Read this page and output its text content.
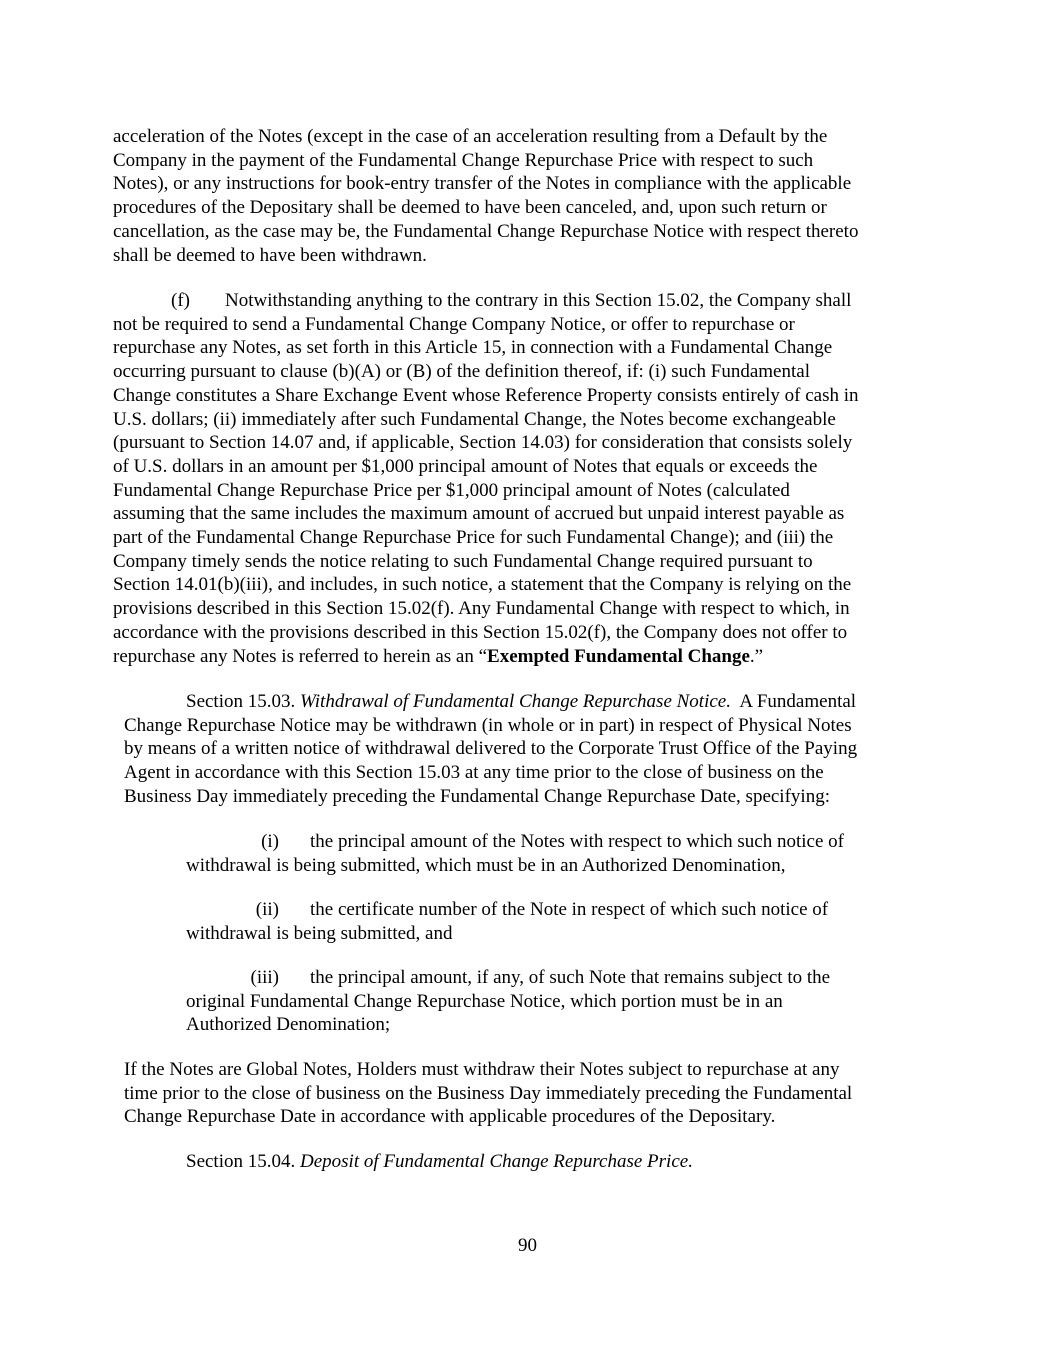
acceleration of the Notes (except in the case of an acceleration resulting from a Default by the
Company in the payment of the Fundamental Change Repurchase Price with respect to such
Notes), or any instructions for book-entry transfer of the Notes in compliance with the applicable
procedures of the Depositary shall be deemed to have been canceled, and, upon such return or
cancellation, as the case may be, the Fundamental Change Repurchase Notice with respect thereto
shall be deemed to have been withdrawn.
(f) Notwithstanding anything to the contrary in this Section 15.02, the Company shall
not be required to send a Fundamental Change Company Notice, or offer to repurchase or
repurchase any Notes, as set forth in this Article 15, in connection with a Fundamental Change
occurring pursuant to clause (b)(A) or (B) of the definition thereof, if: (i) such Fundamental
Change constitutes a Share Exchange Event whose Reference Property consists entirely of cash in
U.S. dollars; (ii) immediately after such Fundamental Change, the Notes become exchangeable
(pursuant to Section 14.07 and, if applicable, Section 14.03) for consideration that consists solely
of U.S. dollars in an amount per $1,000 principal amount of Notes that equals or exceeds the
Fundamental Change Repurchase Price per $1,000 principal amount of Notes (calculated
assuming that the same includes the maximum amount of accrued but unpaid interest payable as
part of the Fundamental Change Repurchase Price for such Fundamental Change); and (iii) the
Company timely sends the notice relating to such Fundamental Change required pursuant to
Section 14.01(b)(iii), and includes, in such notice, a statement that the Company is relying on the
provisions described in this Section 15.02(f). Any Fundamental Change with respect to which, in
accordance with the provisions described in this Section 15.02(f), the Company does not offer to
repurchase any Notes is referred to herein as an “Exempted Fundamental Change.”
Section 15.03. Withdrawal of Fundamental Change Repurchase Notice.  A Fundamental
Change Repurchase Notice may be withdrawn (in whole or in part) in respect of Physical Notes
by means of a written notice of withdrawal delivered to the Corporate Trust Office of the Paying
Agent in accordance with this Section 15.03 at any time prior to the close of business on the
Business Day immediately preceding the Fundamental Change Repurchase Date, specifying:
(i) the principal amount of the Notes with respect to which such notice of
withdrawal is being submitted, which must be in an Authorized Denomination,
(ii) the certificate number of the Note in respect of which such notice of
withdrawal is being submitted, and
(iii) the principal amount, if any, of such Note that remains subject to the
original Fundamental Change Repurchase Notice, which portion must be in an
Authorized Denomination;
If the Notes are Global Notes, Holders must withdraw their Notes subject to repurchase at any
time prior to the close of business on the Business Day immediately preceding the Fundamental
Change Repurchase Date in accordance with applicable procedures of the Depositary.
Section 15.04. Deposit of Fundamental Change Repurchase Price.
90
